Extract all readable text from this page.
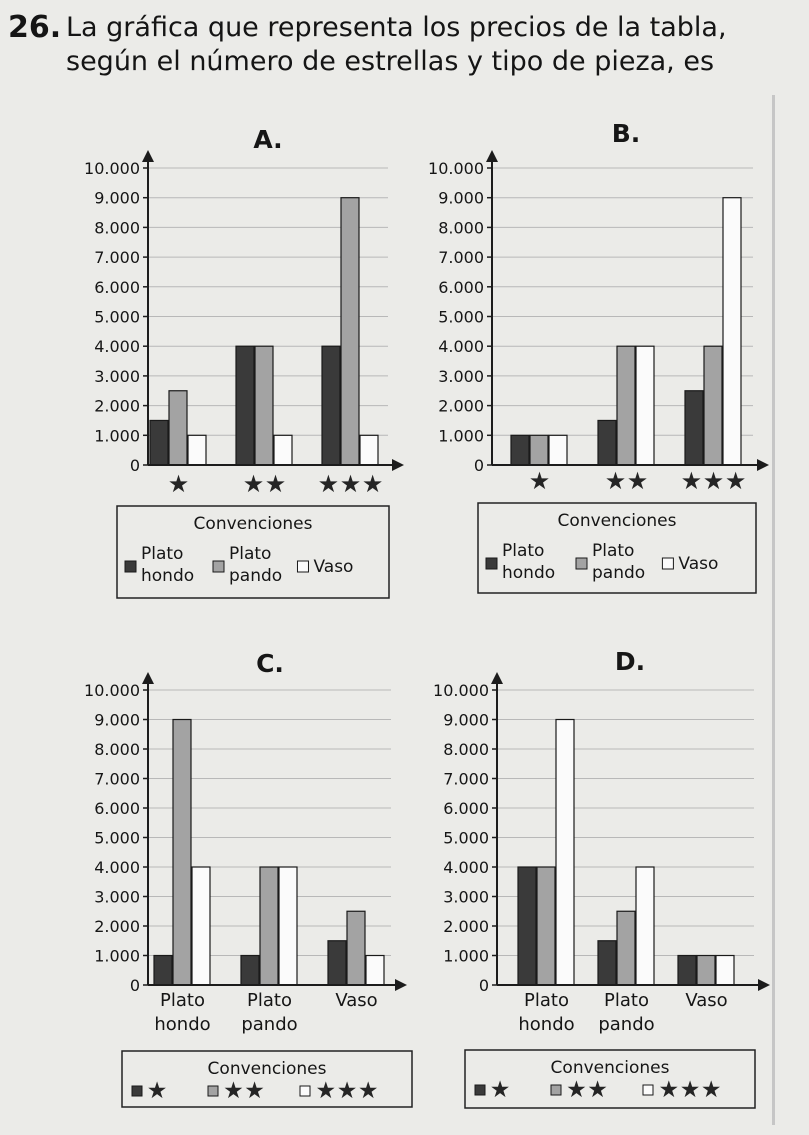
26. La gráfica que representa los precios de la tabla,
según el número de estrellas y tipo de pieza, es
A.
0
1.000
2.000
3.000
4.000
5.000
6.000
7.000
8.000
9.000
10.000
★ ★ ★ ★ ★ ★
Convenciones
Plato
hondo
Plato
pando Vaso
B.
0
1.000
2.000
3.000
4.000
5.000
6.000
7.000
8.000
9.000
10.000
★ ★ ★ ★ ★ ★
Convenciones
Plato
hondo
Plato
pando Vaso
C.
0
1.000
2.000
3.000
4.000
5.000
6.000
7.000
8.000
9.000
10.000
Plato
hondo
Plato
pando
Vaso
Convenciones
★ ★ ★ ★ ★ ★
D.
0
1.000
2.000
3.000
4.000
5.000
6.000
7.000
8.000
9.000
10.000
Plato
hondo
Plato
pando
Vaso
Convenciones
★ ★ ★ ★ ★ ★
